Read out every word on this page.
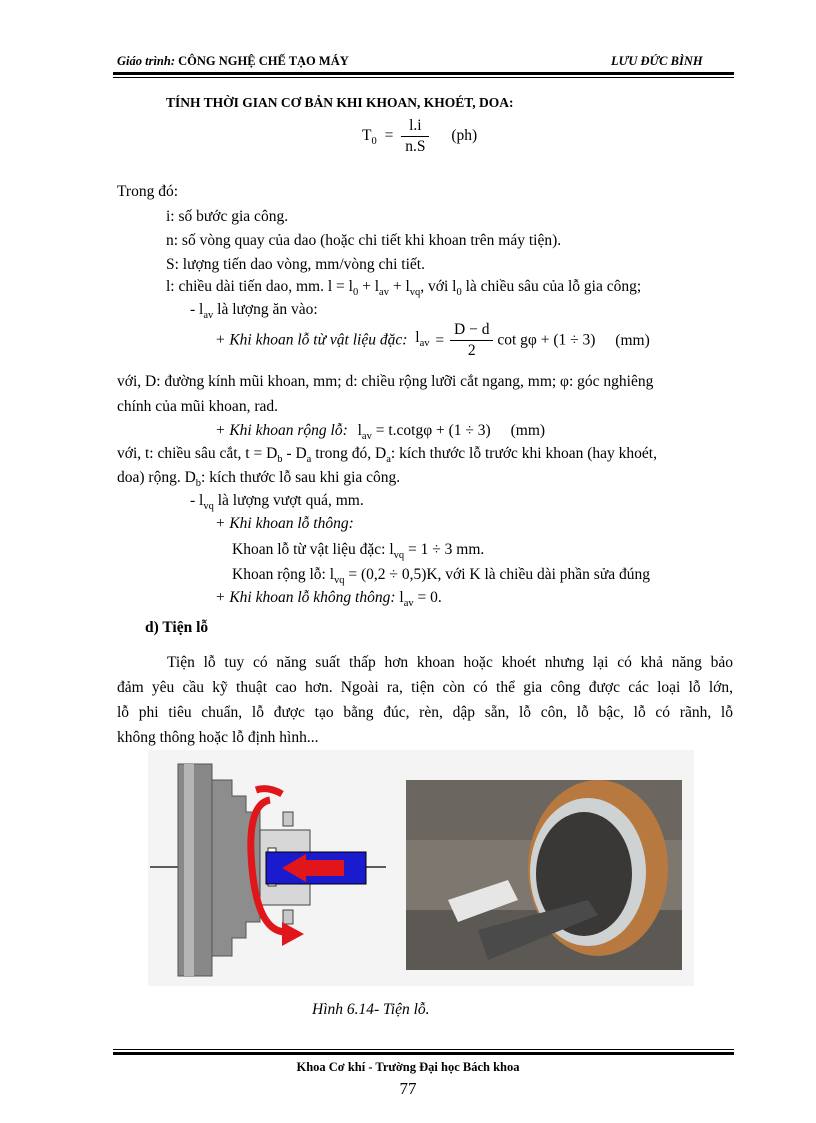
Giáo trình: CÔNG NGHỆ CHẾ TẠO MÁY	LƯU ĐỨC BÌNH
TÍNH THỜI GIAN CƠ BẢN KHI KHOAN, KHOÉT, DOA:
$T_0 = \frac{l.i}{n.S} (ph)$
Trong đó:
i: số bước gia công.
n: số vòng quay của dao (hoặc chi tiết khi khoan trên máy tiện).
S: lượng tiến dao vòng, mm/vòng chi tiết.
l: chiều dài tiến dao, mm. $l = l_0 + l_{av} + l_{vq}$, với $l_0$ là chiều sâu của lỗ gia công;
- $l_{av}$ là lượng ăn vào:
+ Khi khoan lỗ từ vật liệu đặc: $l_{av} = \frac{D - d}{2}$ cot gφ + (1 ÷ 3) (mm)
với, D: đường kính mũi khoan, mm; d: chiều rộng lưỡi cắt ngang, mm; φ: góc nghiêng
chính của mũi khoan, rad.
+ Khi khoan rộng lỗ: $l_{av} = t.\cot g\varphi + (1 \div 3)$ (mm)
với, t: chiều sâu cắt, $t = D_b - D_a$ trong đó, $D_a$: kích thước lỗ trước khi khoan (hay khoét,
doa) rộng. $D_b$: kích thước lỗ sau khi gia công.
- $l_{vq}$ là lượng vượt quá, mm.
+ Khi khoan lỗ thông:
Khoan lỗ từ vật liệu đặc: $l_{vq} = 1 \div 3$ mm.
Khoan rộng lỗ: $l_{vq} = (0,2 \div 0,5)K$, với K là chiều dài phần sửa đúng
+ Khi khoan lỗ không thông: $l_{av} = 0$.
d) Tiện lỗ
Tiện lỗ tuy có năng suất thấp hơn khoan hoặc khoét nhưng lại có khả năng bảo
đảm yêu cầu kỹ thuật cao hơn. Ngoài ra, tiện còn có thể gia công được các loại lỗ lớn,
lỗ phi tiêu chuẩn, lỗ được tạo bằng đúc, rèn, dập sẵn, lỗ côn, lỗ bậc, lỗ có rãnh, lỗ
không thông hoặc lỗ định hình...
Hình 6.14- Tiện lỗ.
Khoa Cơ khí - Trường Đại học Bách khoa
77
